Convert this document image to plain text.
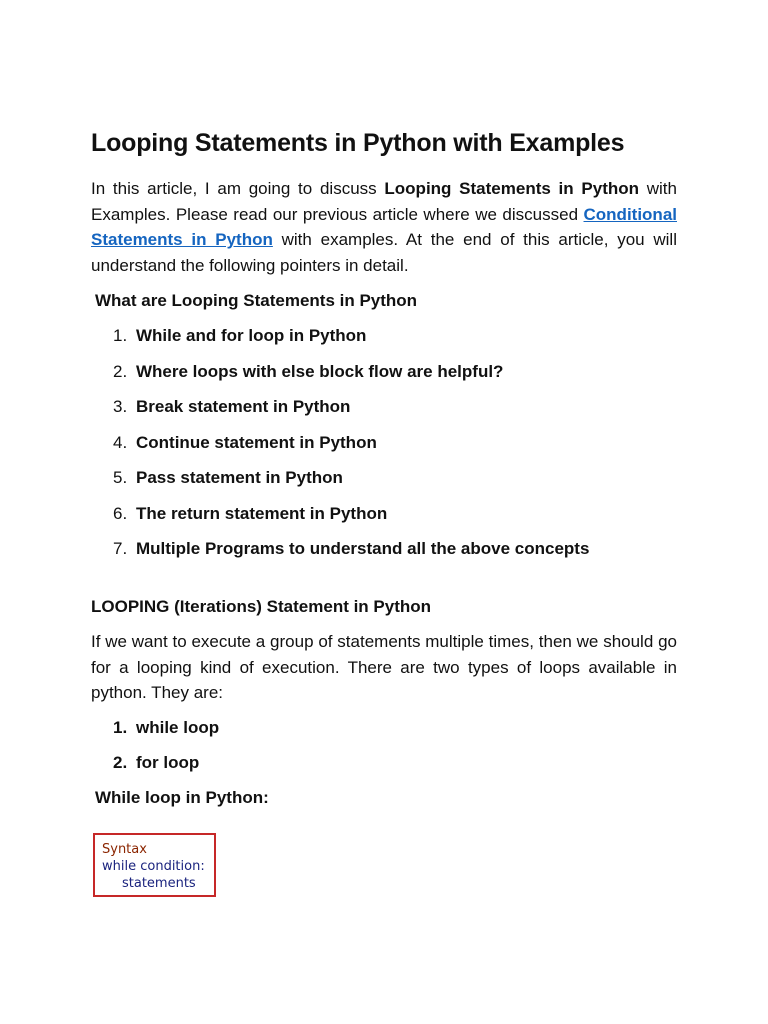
Looping Statements in Python with Examples

In this article, I am going to discuss Looping Statements in Python with Examples. Please read our previous article where we discussed Conditional Statements in Python with examples. At the end of this article, you will understand the following pointers in detail.

What are Looping Statements in Python
1. While and for loop in Python
2. Where loops with else block flow are helpful?
3. Break statement in Python
4. Continue statement in Python
5. Pass statement in Python
6. The return statement in Python
7. Multiple Programs to understand all the above concepts
LOOPING (Iterations) Statement in Python

If we want to execute a group of statements multiple times, then we should go for a looping kind of execution. There are two types of loops available in python. They are:

1. while loop
2. for loop
While loop in Python:
Syntax
while condition:
statements
